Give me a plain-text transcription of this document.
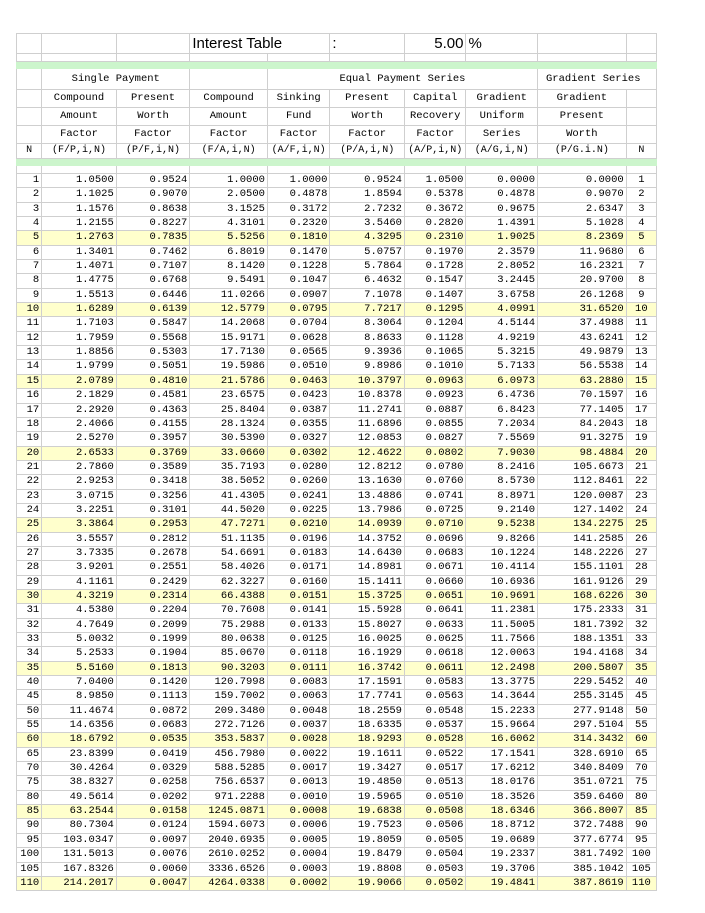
			Interest Table		:	5.00	%		

	Single Payment			Equal Payment Series				Gradient Series	
	Compound	Present	Compound	Sinking	Present	Capital	Gradient	Gradient	
	Amount	Worth	Amount	Fund	Worth	Recovery	Uniform	Present	
	Factor	Factor	Factor	Factor	Factor	Factor	Series	Worth	
N	(F/P,i,N)	(P/F,i,N)	(F/A,i,N)	(A/F,i,N)	(P/A,i,N)	(A/P,i,N)	(A/G,i,N)	(P/G.i.N)	N

1	1.0500	0.9524	1.0000	1.0000	0.9524	1.0500	0.0000	0.0000	1
2	1.1025	0.9070	2.0500	0.4878	1.8594	0.5378	0.4878	0.9070	2
3	1.1576	0.8638	3.1525	0.3172	2.7232	0.3672	0.9675	2.6347	3
4	1.2155	0.8227	4.3101	0.2320	3.5460	0.2820	1.4391	5.1028	4
5	1.2763	0.7835	5.5256	0.1810	4.3295	0.2310	1.9025	8.2369	5
6	1.3401	0.7462	6.8019	0.1470	5.0757	0.1970	2.3579	11.9680	6
7	1.4071	0.7107	8.1420	0.1228	5.7864	0.1728	2.8052	16.2321	7
8	1.4775	0.6768	9.5491	0.1047	6.4632	0.1547	3.2445	20.9700	8
9	1.5513	0.6446	11.0266	0.0907	7.1078	0.1407	3.6758	26.1268	9
10	1.6289	0.6139	12.5779	0.0795	7.7217	0.1295	4.0991	31.6520	10
11	1.7103	0.5847	14.2068	0.0704	8.3064	0.1204	4.5144	37.4988	11
12	1.7959	0.5568	15.9171	0.0628	8.8633	0.1128	4.9219	43.6241	12
13	1.8856	0.5303	17.7130	0.0565	9.3936	0.1065	5.3215	49.9879	13
14	1.9799	0.5051	19.5986	0.0510	9.8986	0.1010	5.7133	56.5538	14
15	2.0789	0.4810	21.5786	0.0463	10.3797	0.0963	6.0973	63.2880	15
16	2.1829	0.4581	23.6575	0.0423	10.8378	0.0923	6.4736	70.1597	16
17	2.2920	0.4363	25.8404	0.0387	11.2741	0.0887	6.8423	77.1405	17
18	2.4066	0.4155	28.1324	0.0355	11.6896	0.0855	7.2034	84.2043	18
19	2.5270	0.3957	30.5390	0.0327	12.0853	0.0827	7.5569	91.3275	19
20	2.6533	0.3769	33.0660	0.0302	12.4622	0.0802	7.9030	98.4884	20
21	2.7860	0.3589	35.7193	0.0280	12.8212	0.0780	8.2416	105.6673	21
22	2.9253	0.3418	38.5052	0.0260	13.1630	0.0760	8.5730	112.8461	22
23	3.0715	0.3256	41.4305	0.0241	13.4886	0.0741	8.8971	120.0087	23
24	3.2251	0.3101	44.5020	0.0225	13.7986	0.0725	9.2140	127.1402	24
25	3.3864	0.2953	47.7271	0.0210	14.0939	0.0710	9.5238	134.2275	25
26	3.5557	0.2812	51.1135	0.0196	14.3752	0.0696	9.8266	141.2585	26
27	3.7335	0.2678	54.6691	0.0183	14.6430	0.0683	10.1224	148.2226	27
28	3.9201	0.2551	58.4026	0.0171	14.8981	0.0671	10.4114	155.1101	28
29	4.1161	0.2429	62.3227	0.0160	15.1411	0.0660	10.6936	161.9126	29
30	4.3219	0.2314	66.4388	0.0151	15.3725	0.0651	10.9691	168.6226	30
31	4.5380	0.2204	70.7608	0.0141	15.5928	0.0641	11.2381	175.2333	31
32	4.7649	0.2099	75.2988	0.0133	15.8027	0.0633	11.5005	181.7392	32
33	5.0032	0.1999	80.0638	0.0125	16.0025	0.0625	11.7566	188.1351	33
34	5.2533	0.1904	85.0670	0.0118	16.1929	0.0618	12.0063	194.4168	34
35	5.5160	0.1813	90.3203	0.0111	16.3742	0.0611	12.2498	200.5807	35
40	7.0400	0.1420	120.7998	0.0083	17.1591	0.0583	13.3775	229.5452	40
45	8.9850	0.1113	159.7002	0.0063	17.7741	0.0563	14.3644	255.3145	45
50	11.4674	0.0872	209.3480	0.0048	18.2559	0.0548	15.2233	277.9148	50
55	14.6356	0.0683	272.7126	0.0037	18.6335	0.0537	15.9664	297.5104	55
60	18.6792	0.0535	353.5837	0.0028	18.9293	0.0528	16.6062	314.3432	60
65	23.8399	0.0419	456.7980	0.0022	19.1611	0.0522	17.1541	328.6910	65
70	30.4264	0.0329	588.5285	0.0017	19.3427	0.0517	17.6212	340.8409	70
75	38.8327	0.0258	756.6537	0.0013	19.4850	0.0513	18.0176	351.0721	75
80	49.5614	0.0202	971.2288	0.0010	19.5965	0.0510	18.3526	359.6460	80
85	63.2544	0.0158	1245.0871	0.0008	19.6838	0.0508	18.6346	366.8007	85
90	80.7304	0.0124	1594.6073	0.0006	19.7523	0.0506	18.8712	372.7488	90
95	103.0347	0.0097	2040.6935	0.0005	19.8059	0.0505	19.0689	377.6774	95
100	131.5013	0.0076	2610.0252	0.0004	19.8479	0.0504	19.2337	381.7492	100
105	167.8326	0.0060	3336.6526	0.0003	19.8808	0.0503	19.3706	385.1042	105
110	214.2017	0.0047	4264.0338	0.0002	19.9066	0.0502	19.4841	387.8619	110
